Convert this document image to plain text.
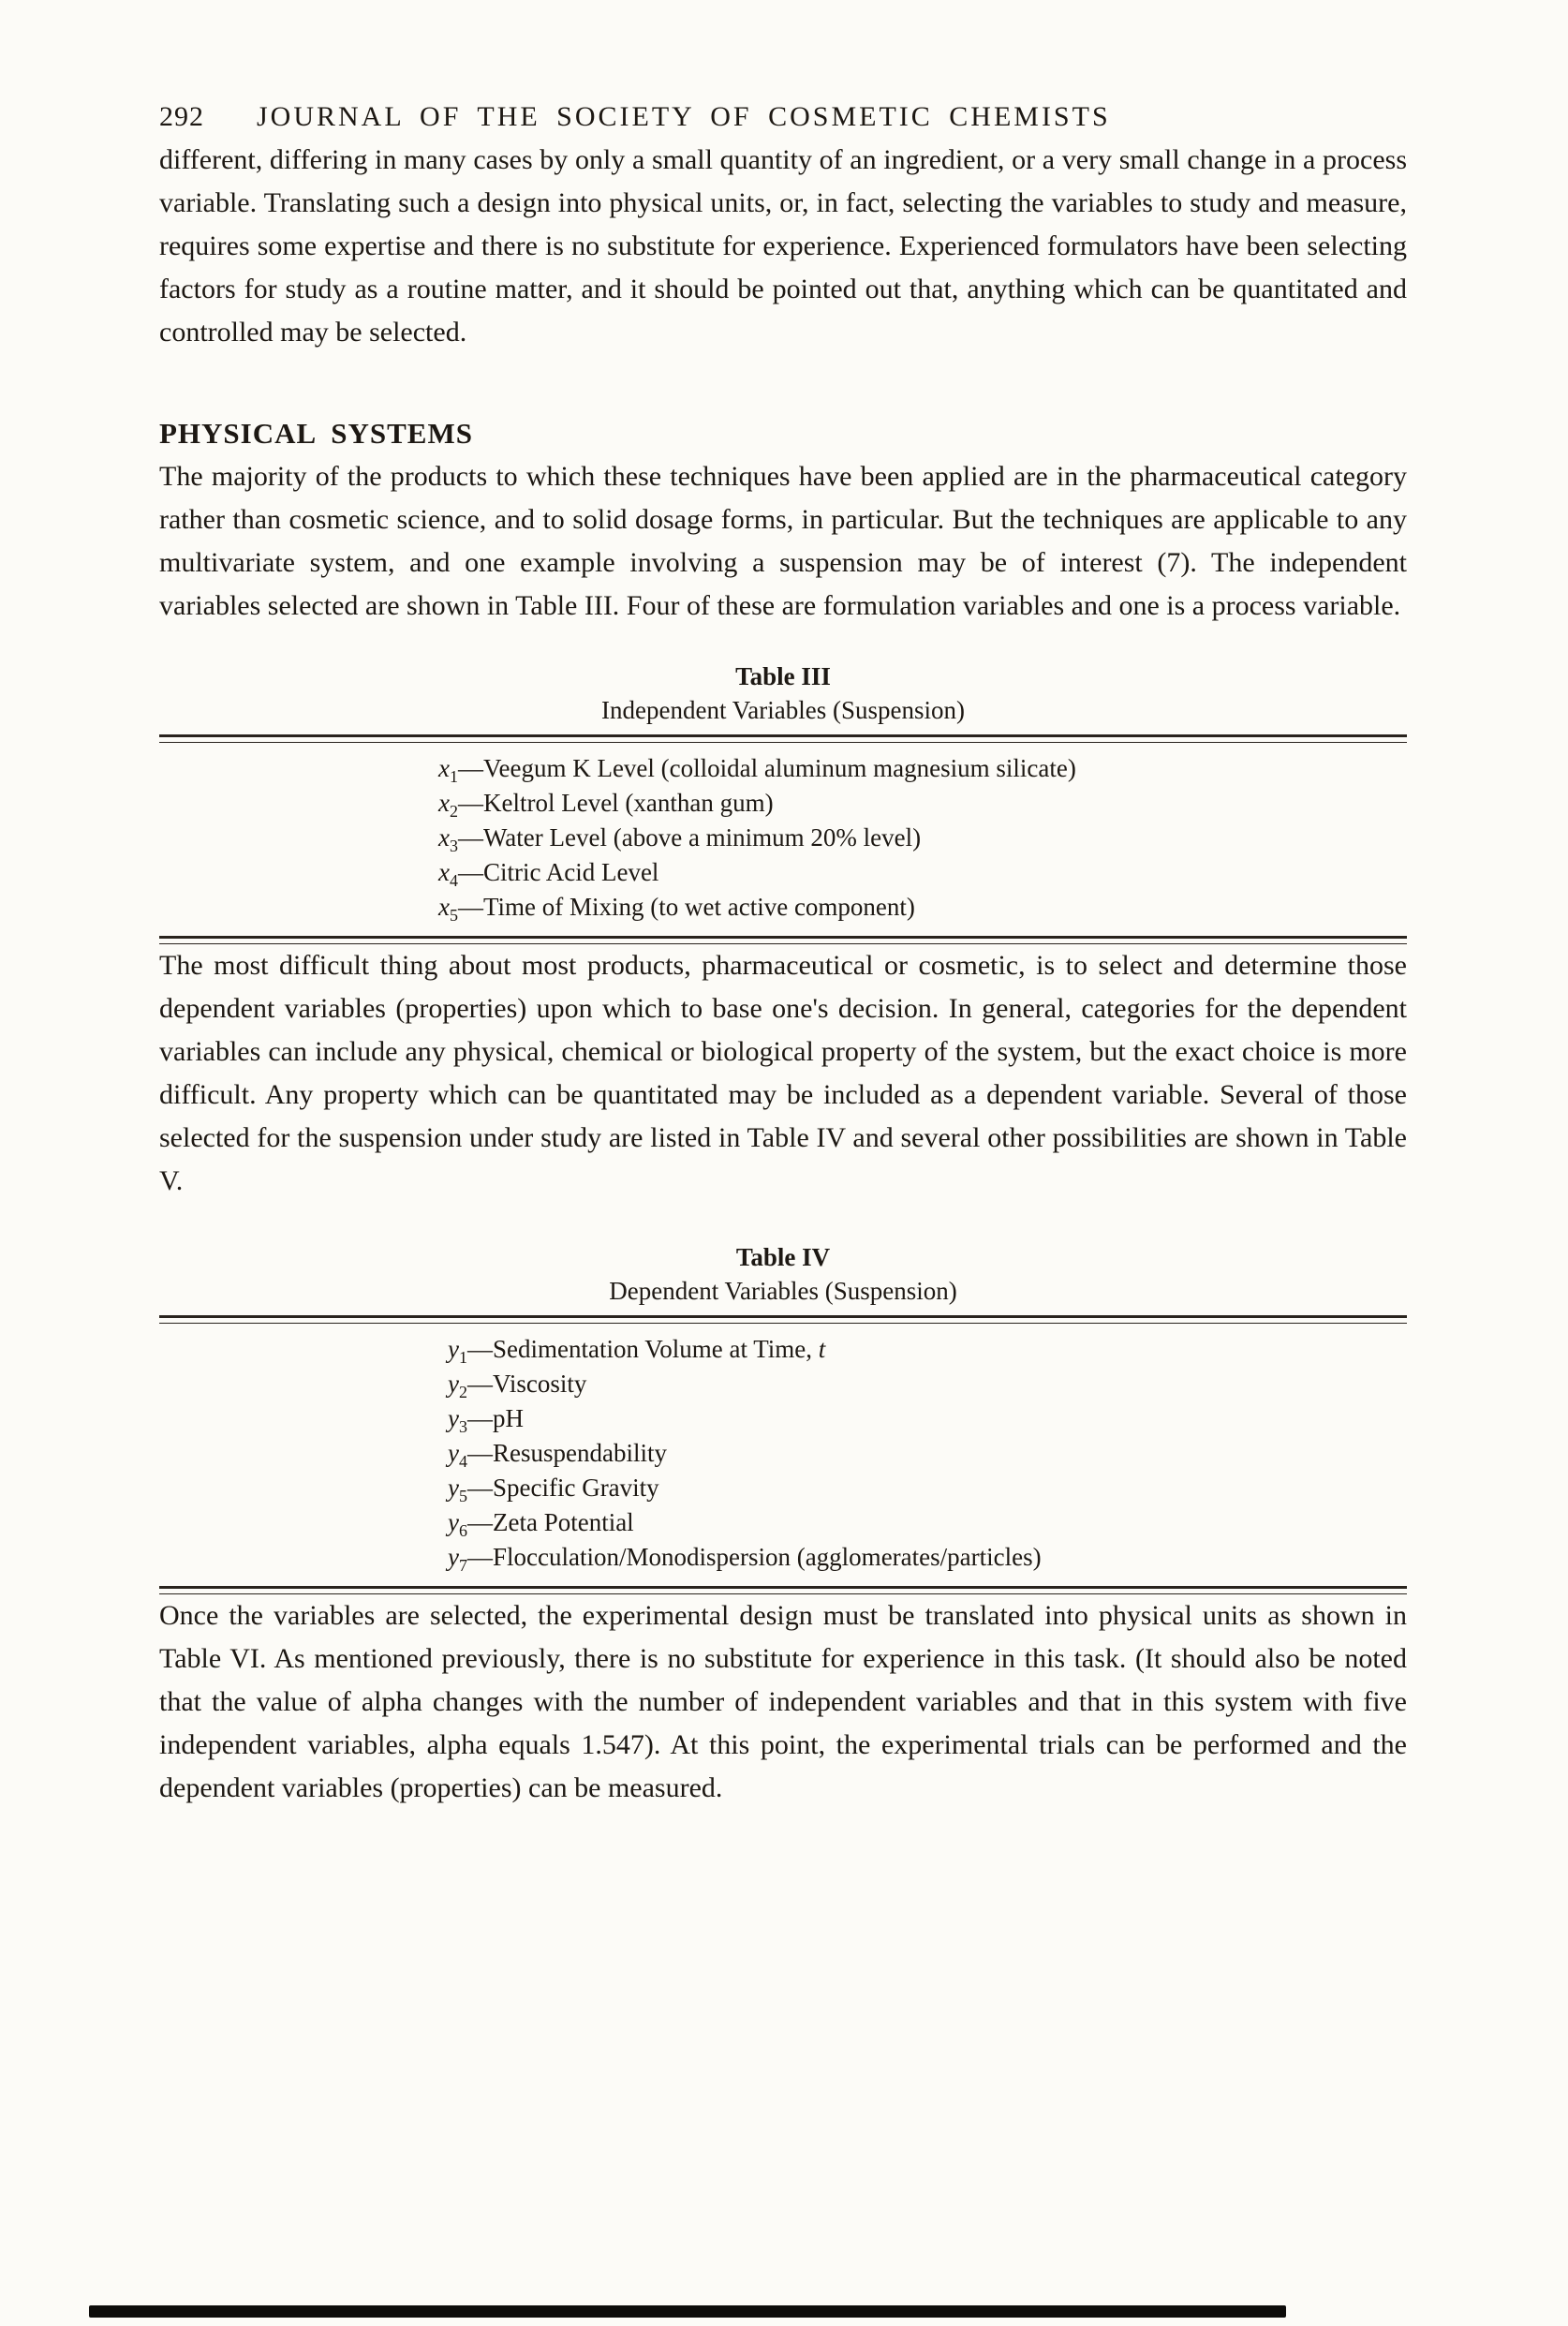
292 JOURNAL OF THE SOCIETY OF COSMETIC CHEMISTS

different, differing in many cases by only a small quantity of an ingredient, or a very small change in a process variable. Translating such a design into physical units, or, in fact, selecting the variables to study and measure, requires some expertise and there is no substitute for experience. Experienced formulators have been selecting factors for study as a routine matter, and it should be pointed out that, anything which can be quantitated and controlled may be selected.

PHYSICAL SYSTEMS

The majority of the products to which these techniques have been applied are in the pharmaceutical category rather than cosmetic science, and to solid dosage forms, in particular. But the techniques are applicable to any multivariate system, and one example involving a suspension may be of interest (7). The independent variables selected are shown in Table III. Four of these are formulation variables and one is a process variable.

Table III
Independent Variables (Suspension)
$x_1—Veegum$ K Level (colloidal aluminum magnesium silicate)
$x_2—Keltrol$ Level (xanthan gum)
$x_3—Water$ Level (above a minimum 20% level)
$x_4—Citric$ Acid Level
$x_5—Time$ of Mixing (to wet active component)

The most difficult thing about most products, pharmaceutical or cosmetic, is to select and determine those dependent variables (properties) upon which to base one's decision. In general, categories for the dependent variables can include any physical, chemical or biological property of the system, but the exact choice is more difficult. Any property which can be quantitated may be included as a dependent variable. Several of those selected for the suspension under study are listed in Table IV and several other possibilities are shown in Table V.

Table IV
Dependent Variables (Suspension)
$y_1—Sedimentation$ Volume at Time, t
$y_2—Viscosity$
$y_3—pH$
$y_4—Resuspendability$
$y_5—Specific$ Gravity
$y_6—Zeta$ Potential
$y_7—Flocculation$/Monodispersion (agglomerates/particles)

Once the variables are selected, the experimental design must be translated into physical units as shown in Table VI. As mentioned previously, there is no substitute for experience in this task. (It should also be noted that the value of alpha changes with the number of independent variables and that in this system with five independent variables, alpha equals 1.547). At this point, the experimental trials can be performed and the dependent variables (properties) can be measured.
